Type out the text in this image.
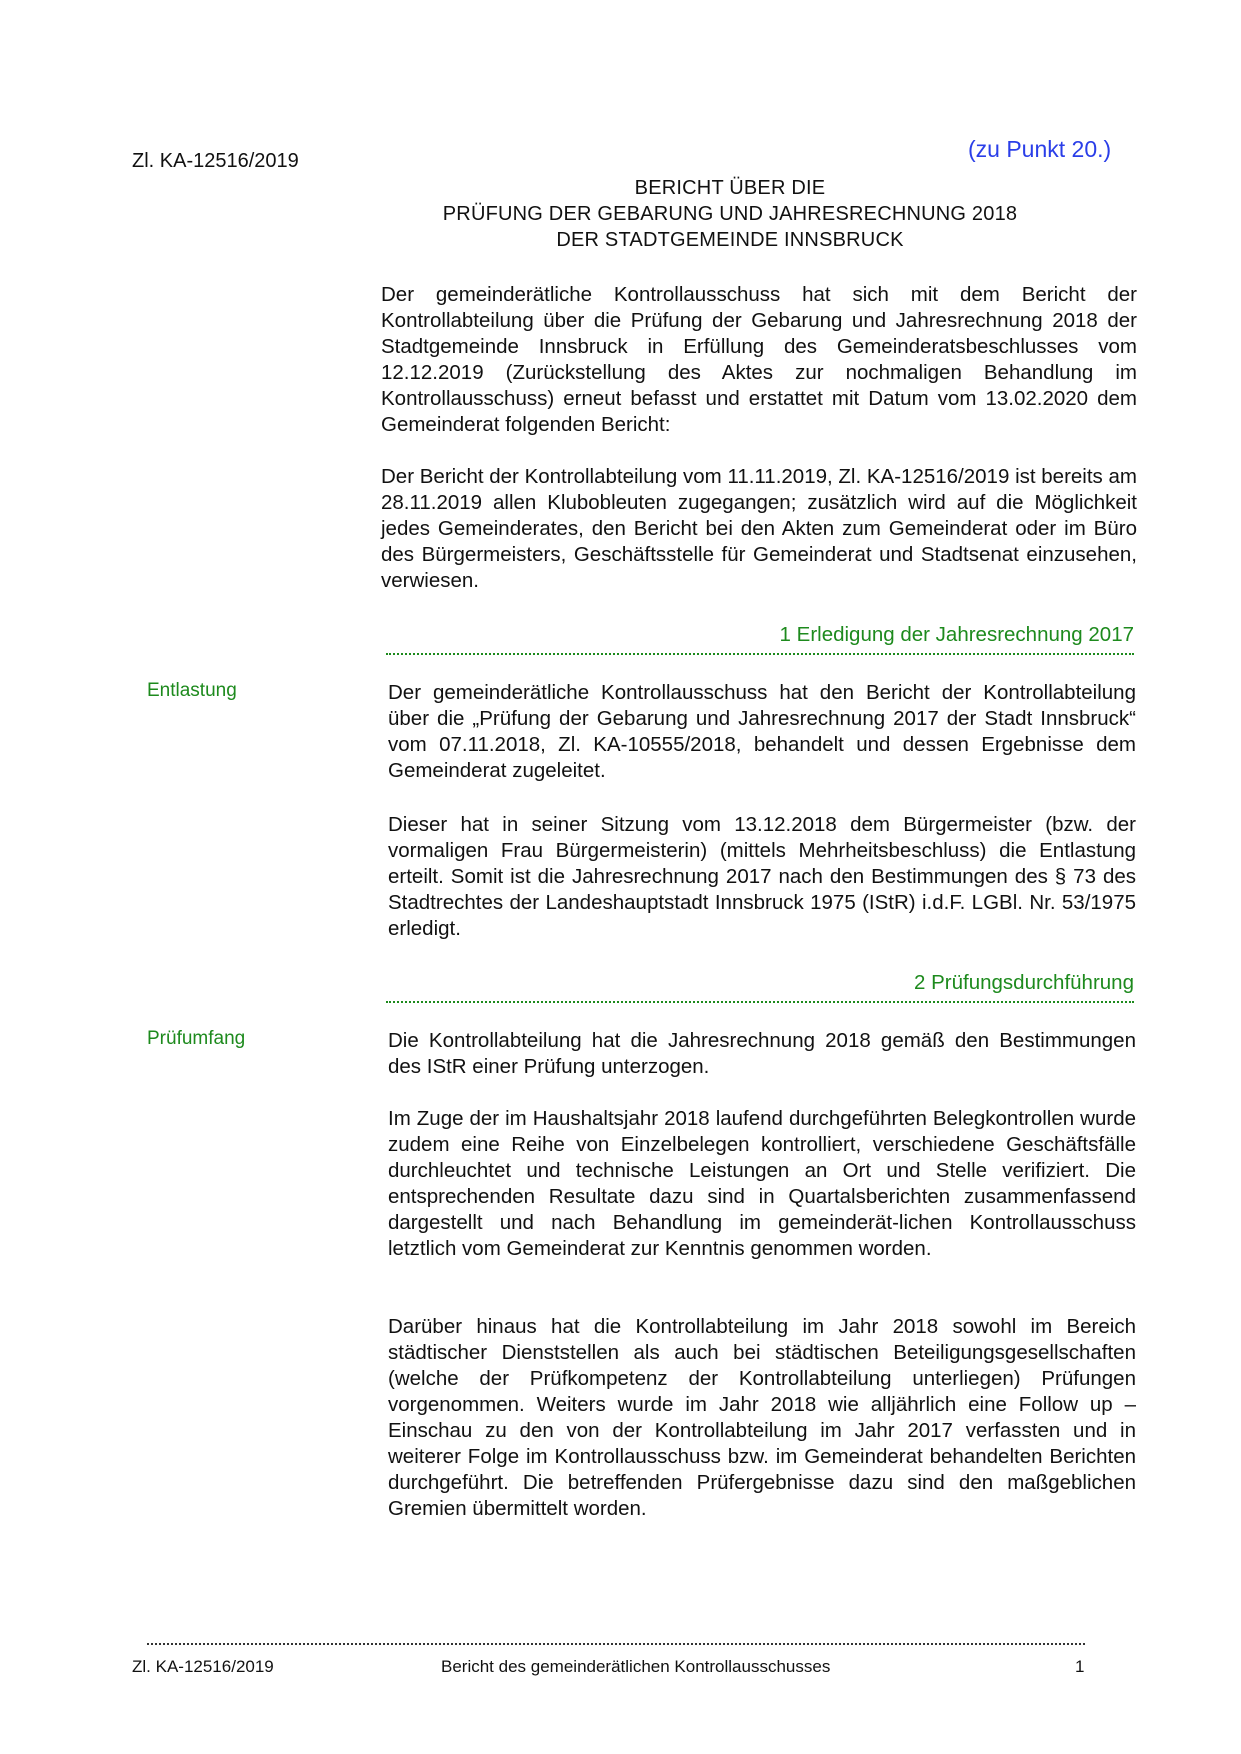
Zl. KA-12516/2019	(zu Punkt 20.)
BERICHT ÜBER DIE
PRÜFUNG DER GEBARUNG UND JAHRESRECHNUNG 2018
DER STADTGEMEINDE INNSBRUCK

Der gemeinderätliche Kontrollausschuss hat sich mit dem Bericht der Kontrollabteilung über die Prüfung der Gebarung und Jahresrechnung 2018 der Stadtgemeinde Innsbruck in Erfüllung des Gemeinderatsbeschlusses vom 12.12.2019 (Zurückstellung des Aktes zur nochmaligen Behandlung im Kontrollausschuss) erneut befasst und erstattet mit Datum vom 13.02.2020 dem Gemeinderat folgenden Bericht:

Der Bericht der Kontrollabteilung vom 11.11.2019, Zl. KA-12516/2019 ist bereits am 28.11.2019 allen Klubobleuten zugegangen; zusätzlich wird auf die Möglichkeit jedes Gemeinderates, den Bericht bei den Akten zum Gemeinderat oder im Büro des Bürgermeisters, Geschäftsstelle für Gemeinderat und Stadtsenat einzusehen, verwiesen.

1 Erledigung der Jahresrechnung 2017
Entlastung	Der gemeinderätliche Kontrollausschuss hat den Bericht der Kontrollabteilung über die „Prüfung der Gebarung und Jahresrechnung 2017 der Stadt Innsbruck“ vom 07.11.2018, Zl. KA-10555/2018, behandelt und dessen Ergebnisse dem Gemeinderat zugeleitet.

Dieser hat in seiner Sitzung vom 13.12.2018 dem Bürgermeister (bzw. der vormaligen Frau Bürgermeisterin) (mittels Mehrheitsbeschluss) die Entlastung erteilt. Somit ist die Jahresrechnung 2017 nach den Bestimmungen des § 73 des Stadtrechtes der Landeshauptstadt Innsbruck 1975 (IStR) i.d.F. LGBl. Nr. 53/1975 erledigt.

2 Prüfungsdurchführung
Prüfumfang	Die Kontrollabteilung hat die Jahresrechnung 2018 gemäß den Bestimmungen des IStR einer Prüfung unterzogen.

Im Zuge der im Haushaltsjahr 2018 laufend durchgeführten Belegkontrollen wurde zudem eine Reihe von Einzelbelegen kontrolliert, verschiedene Geschäftsfälle durchleuchtet und technische Leistungen an Ort und Stelle verifiziert. Die entsprechenden Resultate dazu sind in Quartalsberichten zusammenfassend dargestellt und nach Behandlung im gemeinderät-lichen Kontrollausschuss letztlich vom Gemeinderat zur Kenntnis genommen worden.

Darüber hinaus hat die Kontrollabteilung im Jahr 2018 sowohl im Bereich städtischer Dienststellen als auch bei städtischen Beteiligungsgesellschaften (welche der Prüfkompetenz der Kontrollabteilung unterliegen) Prüfungen vorgenommen. Weiters wurde im Jahr 2018 wie alljährlich eine Follow up – Einschau zu den von der Kontrollabteilung im Jahr 2017 verfassten und in weiterer Folge im Kontrollausschuss bzw. im Gemeinderat behandelten Berichten durchgeführt. Die betreffenden Prüfergebnisse dazu sind den maßgeblichen Gremien übermittelt worden.

Zl. KA-12516/2019	Bericht des gemeinderätlichen Kontrollausschusses	1
